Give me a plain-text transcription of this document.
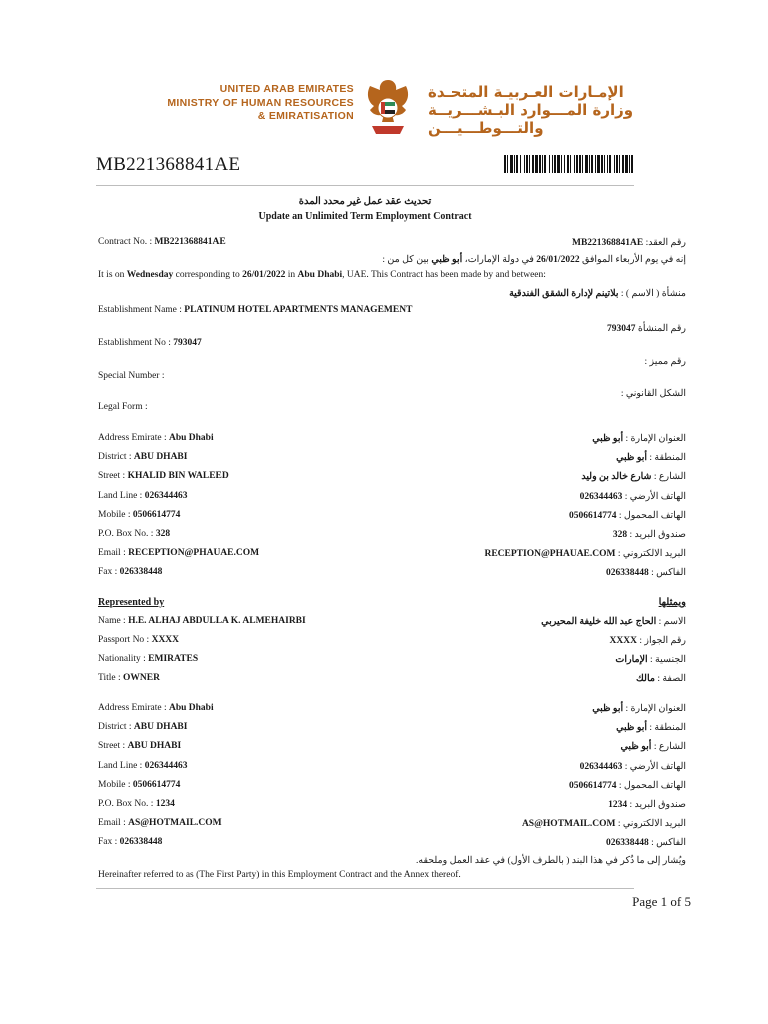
UNITED ARAB EMIRATES
MINISTRY OF HUMAN RESOURCES
& EMIRATISATION
الإمـارات العـربيـة المتحـدة
وزارة المـــوارد البـشـــريــة
والتـــوطـــيـــن
MB221368841AE
تحديث عقد عمل غير محدد المدة
Update an Unlimited Term Employment Contract
Contract No. : MB221368841AE	رقم العقد: MB221368841AE
إنه في يوم الأربعاء الموافق 26/01/2022 في دولة الإمارات، أبو ظبي بين كل من :
It is on Wednesday corresponding to 26/01/2022 in Abu Dhabi, UAE. This Contract has been made by and between:
منشأة ( الاسم ) : بلاتينم لإدارة الشقق الفندقية
Establishment Name : PLATINUM HOTEL APARTMENTS MANAGEMENT
رقم المنشأة 793047
Establishment No : 793047
رقم مميز :
Special Number :
الشكل القانوني :
Legal Form :
Address Emirate : Abu Dhabi	العنوان الإمارة : أبو ظبي
District : ABU DHABI	المنطقة : أبو ظبي
Street : KHALID BIN WALEED	الشارع : شارع خالد بن وليد
Land Line : 026344463	الهاتف الأرضي : 026344463
Mobile : 0506614774	الهاتف المحمول : 0506614774
P.O. Box No. : 328	صندوق البريد : 328
Email : RECEPTION@PHAUAE.COM	البريد الالكتروني : RECEPTION@PHAUAE.COM
Fax : 026338448	الفاكس : 026338448
Represented by	ويمثلها
Name : H.E. ALHAJ ABDULLA K. ALMEHAIRBI	الاسم : الحاج عبد الله خليفة المحيربي
Passport No : XXXX	رقم الجواز : XXXX
Nationality : EMIRATES	الجنسية : الإمارات
Title : OWNER	الصفة : مالك
Address Emirate : Abu Dhabi	العنوان الإمارة : أبو ظبي
District : ABU DHABI	المنطقة : أبو ظبي
Street : ABU DHABI	الشارع : أبو ظبي
Land Line : 026344463	الهاتف الأرضي : 026344463
Mobile : 0506614774	الهاتف المحمول : 0506614774
P.O. Box No. : 1234	صندوق البريد : 1234
Email : AS@HOTMAIL.COM	البريد الالكتروني : AS@HOTMAIL.COM
Fax : 026338448	الفاكس : 026338448
ويُشار إلى ما ذُكر في هذا البند ( بالطرف الأول) في عقد العمل وملحقه.
Hereinafter referred to as (The First Party) in this Employment Contract and the Annex thereof.
Page 1 of 5
